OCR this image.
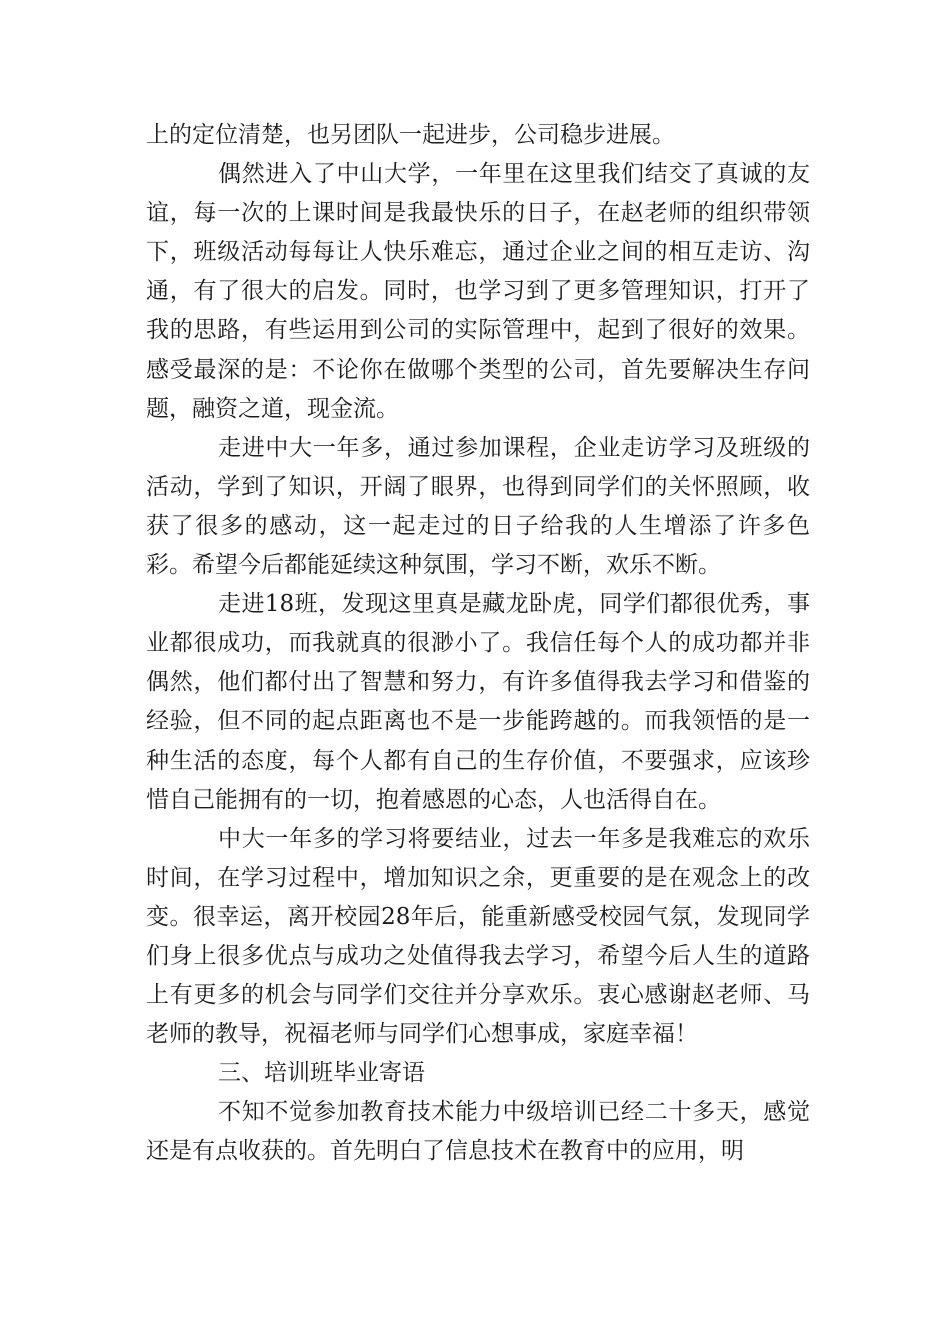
上的定位清楚，也另团队一起进步，公司稳步进展。

偶然进入了中山大学，一年里在这里我们结交了真诚的友谊，每一次的上课时间是我最快乐的日子，在赵老师的组织带领下，班级活动每每让人快乐难忘，通过企业之间的相互走访、沟通，有了很大的启发。同时，也学习到了更多管理知识，打开了我的思路，有些运用到公司的实际管理中，起到了很好的效果。感受最深的是：不论你在做哪个类型的公司，首先要解决生存问题，融资之道，现金流。

走进中大一年多，通过参加课程，企业走访学习及班级的活动，学到了知识，开阔了眼界，也得到同学们的关怀照顾，收获了很多的感动，这一起走过的日子给我的人生增添了许多色彩。希望今后都能延续这种氛围，学习不断，欢乐不断。

走进18班，发现这里真是藏龙卧虎，同学们都很优秀，事业都很成功，而我就真的很渺小了。我信任每个人的成功都并非偶然，他们都付出了智慧和努力，有许多值得我去学习和借鉴的经验，但不同的起点距离也不是一步能跨越的。而我领悟的是一种生活的态度，每个人都有自己的生存价值，不要强求，应该珍惜自己能拥有的一切，抱着感恩的心态，人也活得自在。

中大一年多的学习将要结业，过去一年多是我难忘的欢乐时间，在学习过程中，增加知识之余，更重要的是在观念上的改变。很幸运，离开校园28年后，能重新感受校园气氛，发现同学们身上很多优点与成功之处值得我去学习，希望今后人生的道路上有更多的机会与同学们交往并分享欢乐。衷心感谢赵老师、马老师的教导，祝福老师与同学们心想事成，家庭幸福！

三、培训班毕业寄语

不知不觉参加教育技术能力中级培训已经二十多天，感觉还是有点收获的。首先明白了信息技术在教育中的应用，明
